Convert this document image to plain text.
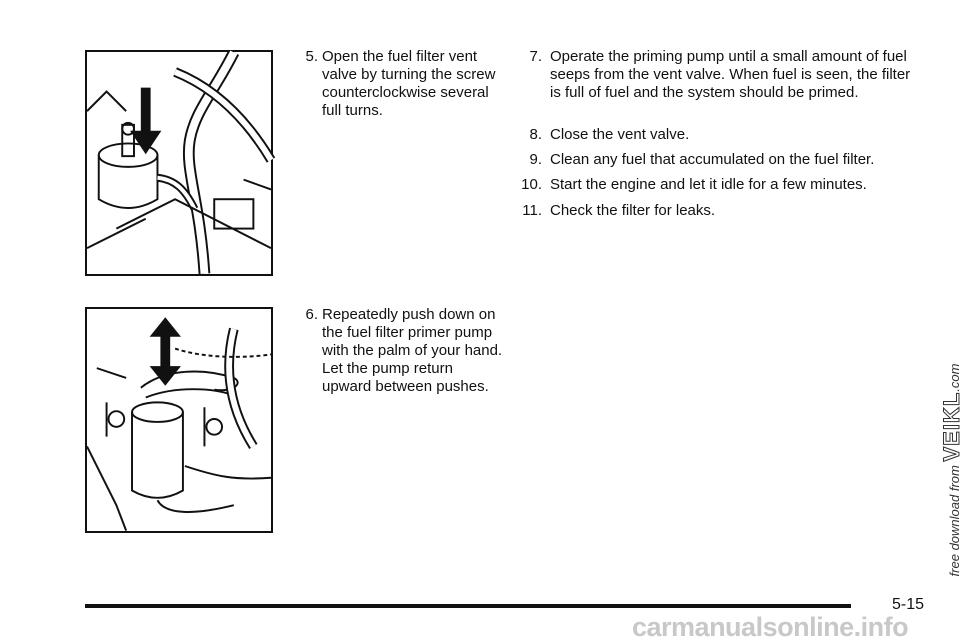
5. Open the fuel filter vent valve by turning the screw counterclockwise several full turns.
6. Repeatedly push down on the fuel filter primer pump with the palm of your hand. Let the pump return upward between pushes.
7. Operate the priming pump until a small amount of fuel seeps from the vent valve. When fuel is seen, the filter is full of fuel and the system should be primed.
8. Close the vent valve.
9. Clean any fuel that accumulated on the fuel filter.
10. Start the engine and let it idle for a few minutes.
11. Check the filter for leaks.
5-15
carmanualsonline.info
free download from VEIKL.com
